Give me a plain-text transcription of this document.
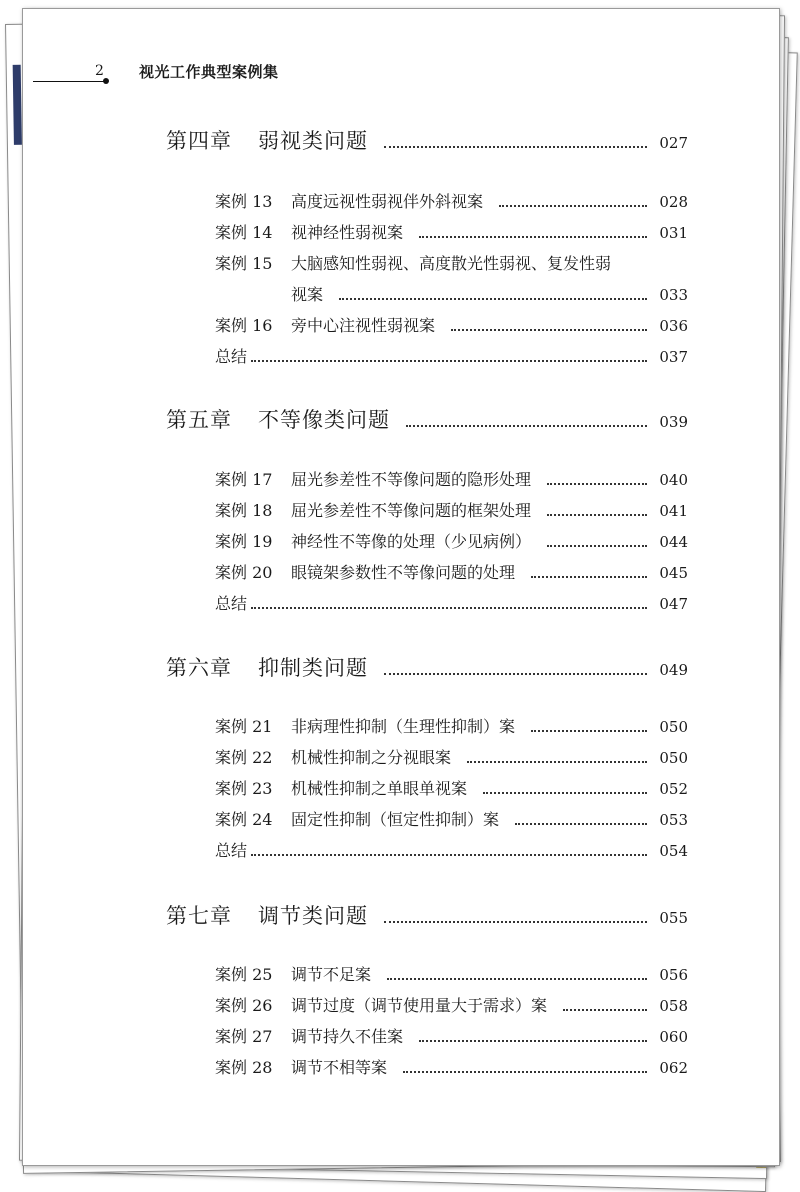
2 视光工作典型案例集
第四章 弱视类问题	027
案例 13	高度远视性弱视伴外斜视案	028
案例 14	视神经性弱视案	031
案例 15	大脑感知性弱视、高度散光性弱视、复发性弱
视案	033
案例 16	旁中心注视性弱视案	036
总结	037
第五章 不等像类问题	039
案例 17	屈光参差性不等像问题的隐形处理	040
案例 18	屈光参差性不等像问题的框架处理	041
案例 19	神经性不等像的处理（少见病例）	044
案例 20	眼镜架参数性不等像问题的处理	045
总结	047
第六章 抑制类问题	049
案例 21	非病理性抑制（生理性抑制）案	050
案例 22	机械性抑制之分视眼案	050
案例 23	机械性抑制之单眼单视案	052
案例 24	固定性抑制（恒定性抑制）案	053
总结	054
第七章 调节类问题	055
案例 25	调节不足案	056
案例 26	调节过度（调节使用量大于需求）案	058
案例 27	调节持久不佳案	060
案例 28	调节不相等案	062
